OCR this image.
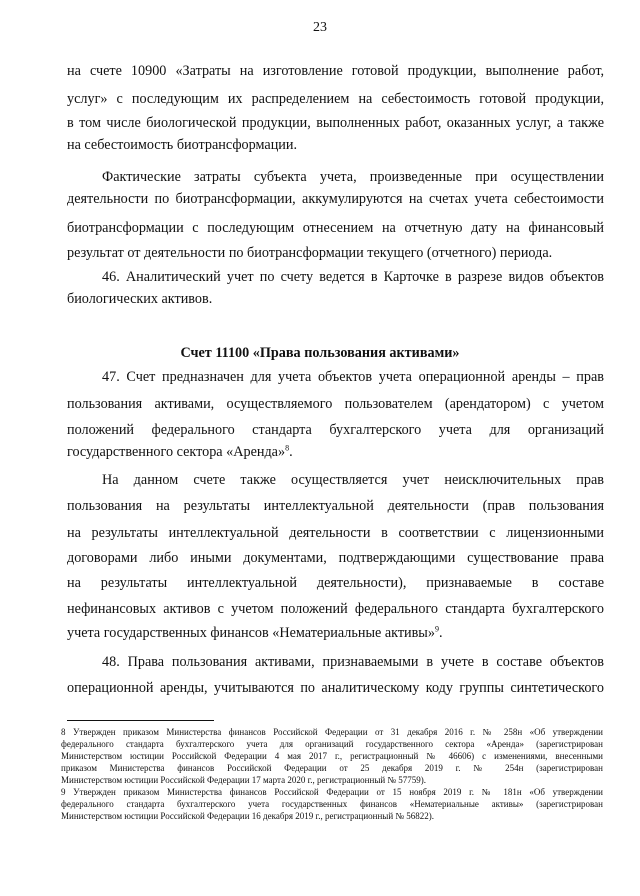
23
на счете 10900 «Затраты на изготовление готовой продукции, выполнение работ,
услуг» с последующим их распределением на себестоимость готовой продукции,
в том числе биологической продукции, выполненных работ, оказанных услуг, а также
на себестоимость биотрансформации.
Фактические затраты субъекта учета, произведенные при осуществлении
деятельности по биотрансформации, аккумулируются на счетах учета себестоимости
биотрансформации с последующим отнесением на отчетную дату на финансовый
результат от деятельности по биотрансформации текущего (отчетного) периода.
46. Аналитический учет по счету ведется в Карточке в разрезе видов объектов
биологических активов.
Счет 11100 «Права пользования активами»
47. Счет предназначен для учета объектов учета операционной аренды – прав
пользования активами, осуществляемого пользователем (арендатором) с учетом
положений федерального стандарта бухгалтерского учета для организаций
государственного сектора «Аренда»$^8$.
На данном счете также осуществляется учет неисключительных прав
пользования на результаты интеллектуальной деятельности (прав пользования
на результаты интеллектуальной деятельности в соответствии с лицензионными
договорами либо иными документами, подтверждающими существование права
на результаты интеллектуальной деятельности), признаваемые в составе
нефинансовых активов с учетом положений федерального стандарта бухгалтерского
учета государственных финансов «Нематериальные активы»$^9$.
48. Права пользования активами, признаваемыми в учете в составе объектов
операционной аренды, учитываются по аналитическому коду группы синтетического
8 Утвержден приказом Министерства финансов Российской Федерации от 31 декабря 2016 г. № 258н «Об утверждении
федерального стандарта бухгалтерского учета для организаций государственного сектора «Аренда» (зарегистрирован
Министерством юстиции Российской Федерации 4 мая 2017 г., регистрационный № 46606) с изменениями, внесенными
приказом Министерства финансов Российской Федерации от 25 декабря 2019 г. № 254н (зарегистрирован
Министерством юстиции Российской Федерации 17 марта 2020 г., регистрационный № 57759).
9 Утвержден приказом Министерства финансов Российской Федерации от 15 ноября 2019 г. № 181н «Об утверждении
федерального стандарта бухгалтерского учета государственных финансов «Нематериальные активы» (зарегистрирован
Министерством юстиции Российской Федерации 16 декабря 2019 г., регистрационный № 56822).
